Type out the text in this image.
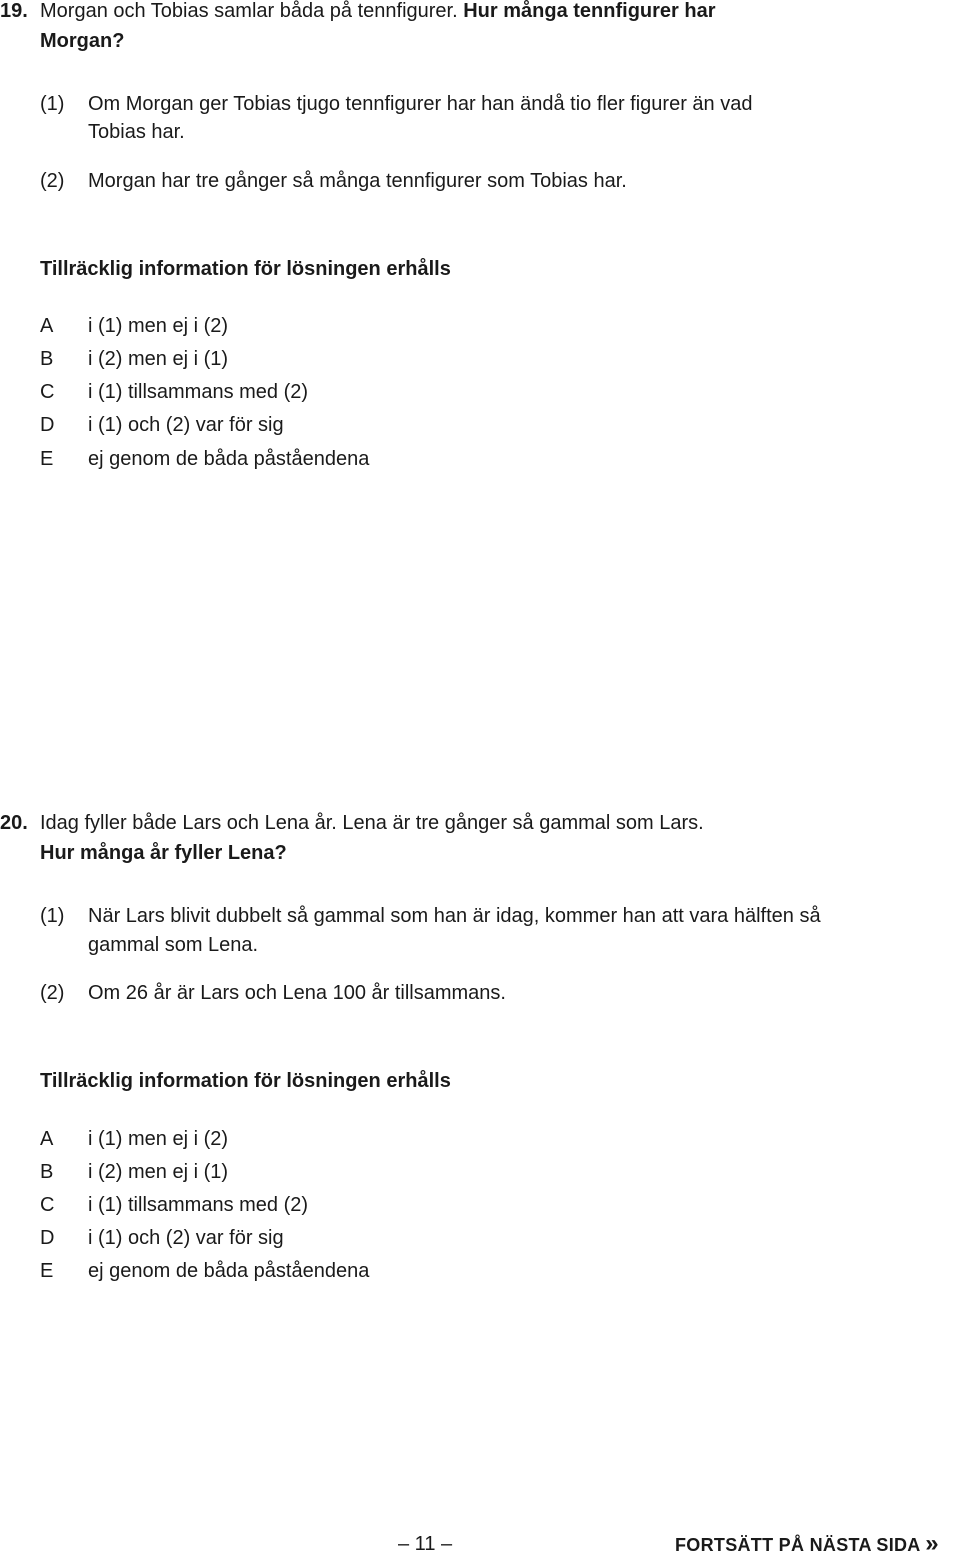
19. Morgan och Tobias samlar båda på tennfigurer. Hur många tennfigurer har
Morgan?
(1) Om Morgan ger Tobias tjugo tennfigurer har han ändå tio fler figurer än vad
Tobias har.
(2) Morgan har tre gånger så många tennfigurer som Tobias har.
Tillräcklig information för lösningen erhålls
A i (1) men ej i (2)
B i (2) men ej i (1)
C i (1) tillsammans med (2)
D i (1) och (2) var för sig
E ej genom de båda påståendena
20. Idag fyller både Lars och Lena år. Lena är tre gånger så gammal som Lars.
Hur många år fyller Lena?
(1) När Lars blivit dubbelt så gammal som han är idag, kommer han att vara hälften så
gammal som Lena.
(2) Om 26 år är Lars och Lena 100 år tillsammans.
Tillräcklig information för lösningen erhålls
A i (1) men ej i (2)
B i (2) men ej i (1)
C i (1) tillsammans med (2)
D i (1) och (2) var för sig
E ej genom de båda påståendena
– 11 –	FORTSÄTT PÅ NÄSTA SIDA »
